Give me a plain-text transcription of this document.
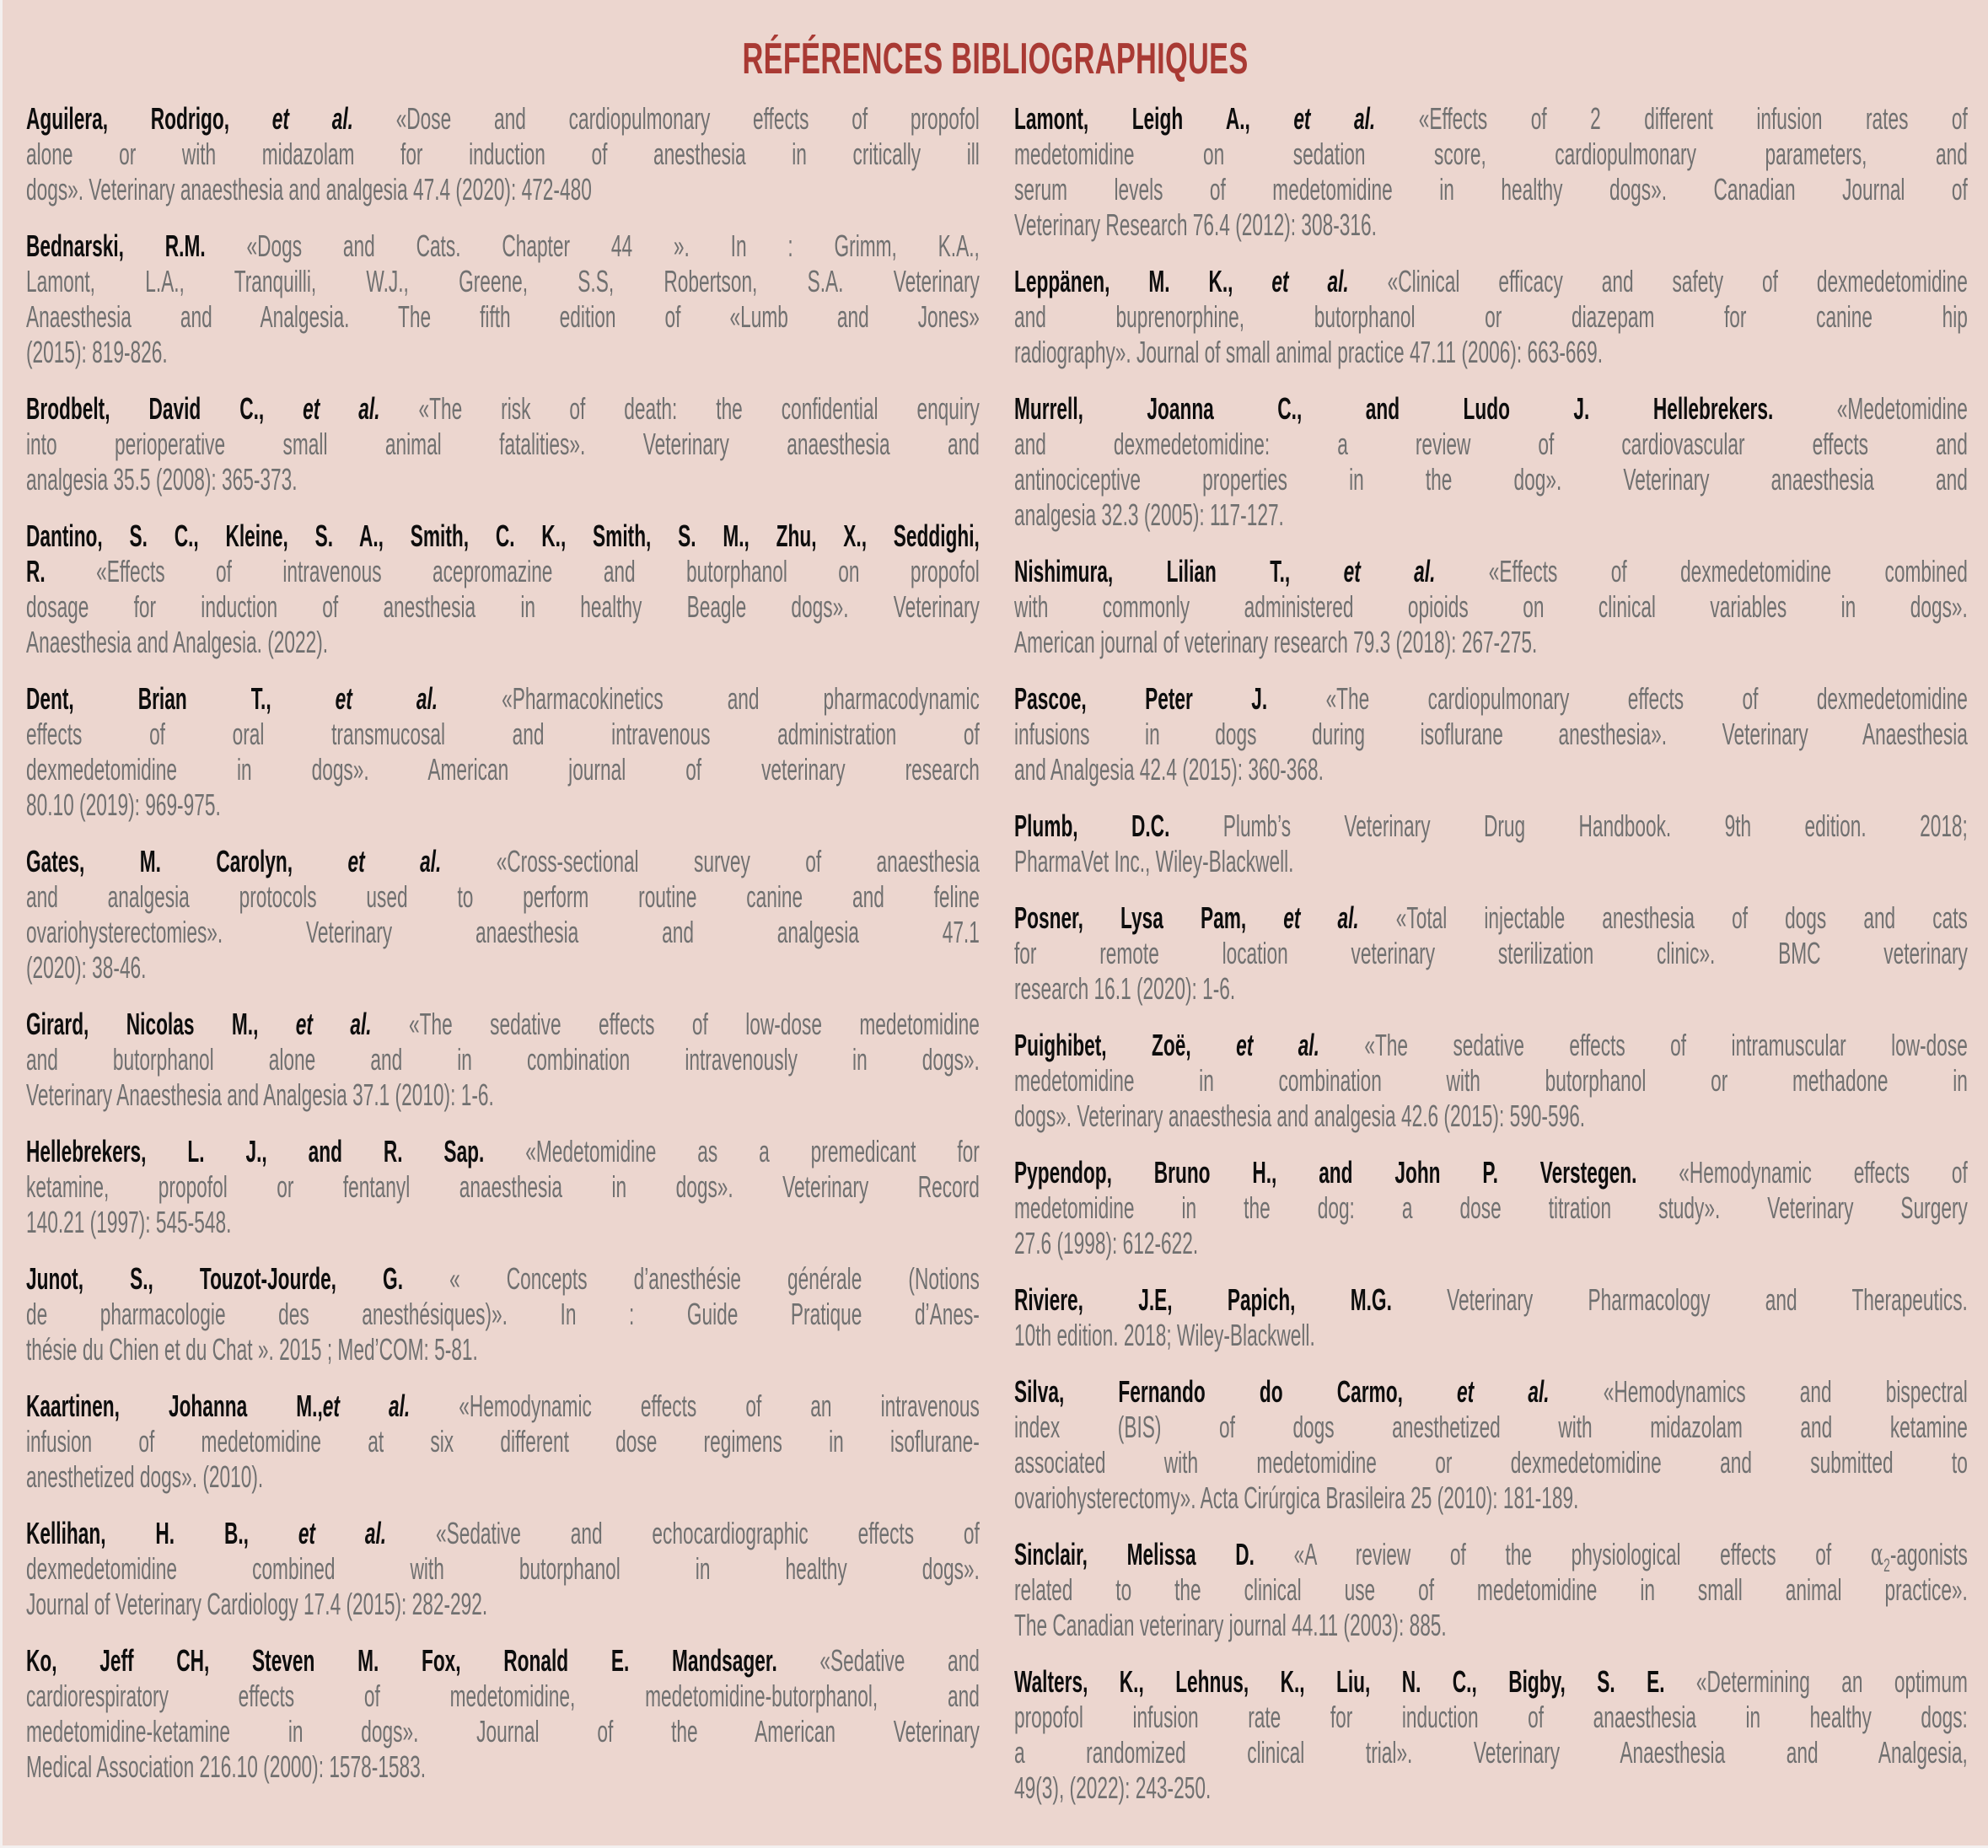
RÉFÉRENCES BIBLIOGRAPHIQUES
Aguilera, Rodrigo, et al. «Dose and cardiopulmonary effects of propofol
alone or with midazolam for induction of anesthesia in critically ill
dogs». Veterinary anaesthesia and analgesia 47.4 (2020): 472-480
Bednarski, R.M. «Dogs and Cats. Chapter 44 ». In : Grimm, K.A.,
Lamont, L.A., Tranquilli, W.J., Greene, S.S, Robertson, S.A. Veterinary
Anaesthesia and Analgesia. The fifth edition of «Lumb and Jones»
(2015): 819-826.
Brodbelt, David C., et al. «The risk of death: the confidential enquiry
into perioperative small animal fatalities». Veterinary anaesthesia and
analgesia 35.5 (2008): 365-373.
Dantino, S. C., Kleine, S. A., Smith, C. K., Smith, S. M., Zhu, X., Seddighi,
R. «Effects of intravenous acepromazine and butorphanol on propofol
dosage for induction of anesthesia in healthy Beagle dogs». Veterinary
Anaesthesia and Analgesia. (2022).
Dent, Brian T., et al. «Pharmacokinetics and pharmacodynamic
effects of oral transmucosal and intravenous administration of
dexmedetomidine in dogs». American journal of veterinary research
80.10 (2019): 969-975.
Gates, M. Carolyn, et al. «Cross-sectional survey of anaesthesia
and analgesia protocols used to perform routine canine and feline
ovariohysterectomies». Veterinary anaesthesia and analgesia 47.1
(2020): 38-46.
Girard, Nicolas M., et al. «The sedative effects of low-dose medetomidine
and butorphanol alone and in combination intravenously in dogs».
Veterinary Anaesthesia and Analgesia 37.1 (2010): 1-6.
Hellebrekers, L. J., and R. Sap. «Medetomidine as a premedicant for
ketamine, propofol or fentanyl anaesthesia in dogs». Veterinary Record
140.21 (1997): 545-548.
Junot, S., Touzot-Jourde, G. « Concepts d’anesthésie générale (Notions
de pharmacologie des anesthésiques)». In : Guide Pratique d’Anes-
thésie du Chien et du Chat ». 2015 ; Med’COM: 5-81.
Kaartinen, Johanna M.,et al. «Hemodynamic effects of an intravenous
infusion of medetomidine at six different dose regimens in isoflurane-
anesthetized dogs». (2010).
Kellihan, H. B., et al. «Sedative and echocardiographic effects of
dexmedetomidine combined with butorphanol in healthy dogs».
Journal of Veterinary Cardiology 17.4 (2015): 282-292.
Ko, Jeff CH, Steven M. Fox, Ronald E. Mandsager. «Sedative and
cardiorespiratory effects of medetomidine, medetomidine-butorphanol, and
medetomidine-ketamine in dogs». Journal of the American Veterinary
Medical Association 216.10 (2000): 1578-1583.
Lamont, Leigh A., et al. «Effects of 2 different infusion rates of
medetomidine on sedation score, cardiopulmonary parameters, and
serum levels of medetomidine in healthy dogs». Canadian Journal of
Veterinary Research 76.4 (2012): 308-316.
Leppänen, M. K., et al. «Clinical efficacy and safety of dexmedetomidine
and buprenorphine, butorphanol or diazepam for canine hip
radiography». Journal of small animal practice 47.11 (2006): 663-669.
Murrell, Joanna C., and Ludo J. Hellebrekers. «Medetomidine
and dexmedetomidine: a review of cardiovascular effects and
antinociceptive properties in the dog». Veterinary anaesthesia and
analgesia 32.3 (2005): 117-127.
Nishimura, Lilian T., et al. «Effects of dexmedetomidine combined
with commonly administered opioids on clinical variables in dogs».
American journal of veterinary research 79.3 (2018): 267-275.
Pascoe, Peter J. «The cardiopulmonary effects of dexmedetomidine
infusions in dogs during isoflurane anesthesia». Veterinary Anaesthesia
and Analgesia 42.4 (2015): 360-368.
Plumb, D.C. Plumb’s Veterinary Drug Handbook. 9th edition. 2018;
PharmaVet Inc., Wiley-Blackwell.
Posner, Lysa Pam, et al. «Total injectable anesthesia of dogs and cats
for remote location veterinary sterilization clinic». BMC veterinary
research 16.1 (2020): 1-6.
Puighibet, Zoë, et al. «The sedative effects of intramuscular low-dose
medetomidine in combination with butorphanol or methadone in
dogs». Veterinary anaesthesia and analgesia 42.6 (2015): 590-596.
Pypendop, Bruno H., and John P. Verstegen. «Hemodynamic effects of
medetomidine in the dog: a dose titration study». Veterinary Surgery
27.6 (1998): 612-622.
Riviere, J.E, Papich, M.G. Veterinary Pharmacology and Therapeutics.
10th edition. 2018; Wiley-Blackwell.
Silva, Fernando do Carmo, et al. «Hemodynamics and bispectral
index (BIS) of dogs anesthetized with midazolam and ketamine
associated with medetomidine or dexmedetomidine and submitted to
ovariohysterectomy». Acta Cirúrgica Brasileira 25 (2010): 181-189.
Sinclair, Melissa D. «A review of the physiological effects of $\alpha_2$-agonists
related to the clinical use of medetomidine in small animal practice».
The Canadian veterinary journal 44.11 (2003): 885.
Walters, K., Lehnus, K., Liu, N. C., Bigby, S. E. «Determining an optimum
propofol infusion rate for induction of anaesthesia in healthy dogs:
a randomized clinical trial». Veterinary Anaesthesia and Analgesia,
49(3), (2022): 243-250.
